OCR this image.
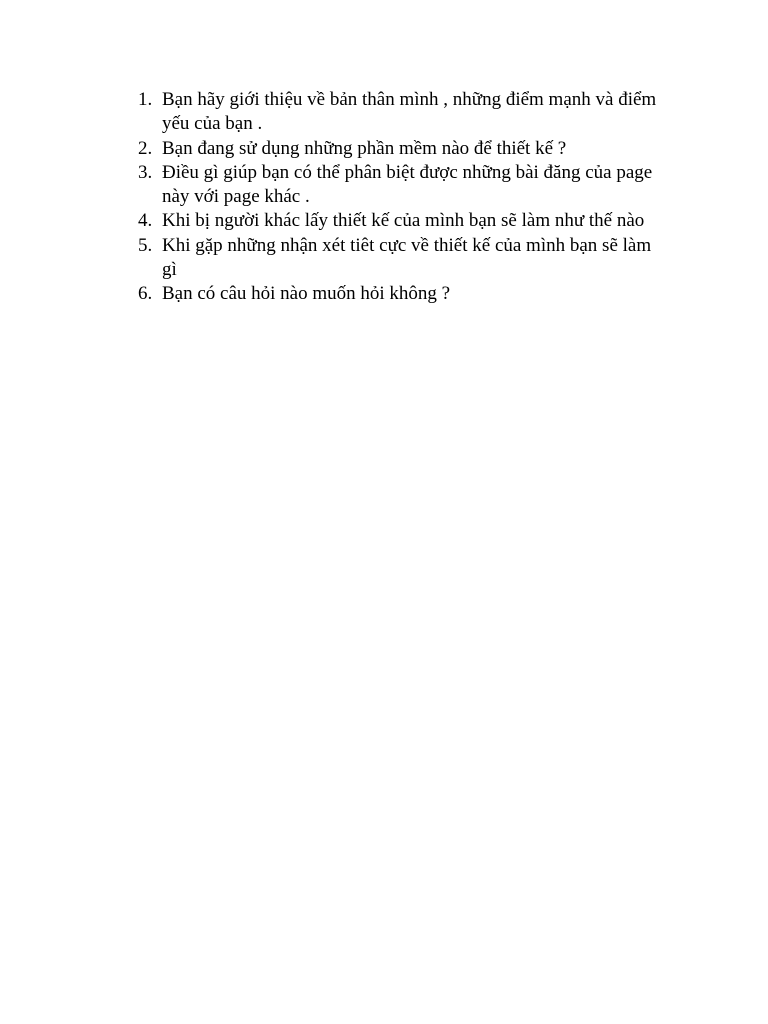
1. Bạn hãy giới thiệu về bản thân mình , những điểm mạnh và điểm yếu của bạn .
2. Bạn đang sử dụng những phần mềm nào để thiết kế ?
3. Điều gì giúp bạn có thể phân biệt được những bài đăng của page này với page khác .
4. Khi bị người khác lấy thiết kế của mình bạn sẽ làm như thế nào
5. Khi gặp những nhận xét tiêt cực về thiết kế của mình bạn sẽ làm gì
6. Bạn có câu hỏi nào muốn hỏi không ?
